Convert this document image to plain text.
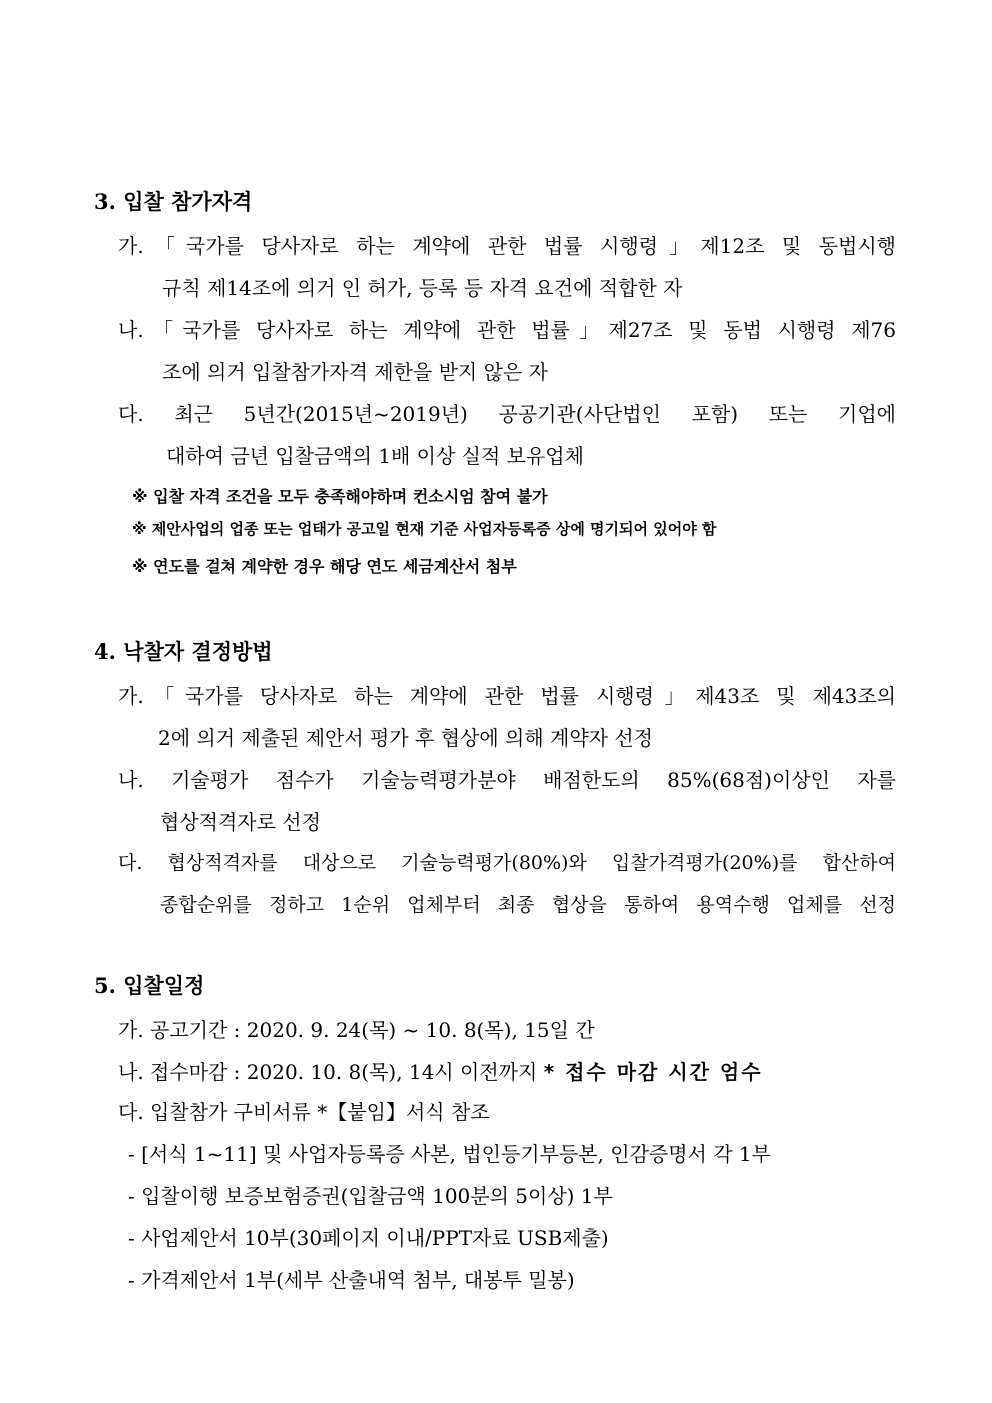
3. 입찰 참가자격
가.「국가를 당사자로 하는 계약에 관한 법률 시행령」제12조 및 동법시행
규칙 제14조에 의거 인 허가, 등록 등 자격 요건에 적합한 자
나.「국가를 당사자로 하는 계약에 관한 법률」제27조 및 동법 시행령 제76
조에 의거 입찰참가자격 제한을 받지 않은 자
다. 최근 5년간(2015년~2019년) 공공기관(사단법인 포함) 또는 기업에
대하여 금년 입찰금액의 1배 이상 실적 보유업체
※ 입찰 자격 조건을 모두 충족해야하며 컨소시엄 참여 불가
※ 제안사업의 업종 또는 업태가 공고일 현재 기준 사업자등록증 상에 명기되어 있어야 함
※ 연도를 걸쳐 계약한 경우 해당 연도 세금계산서 첨부
4. 낙찰자 결정방법
가.「국가를 당사자로 하는 계약에 관한 법률 시행령」제43조 및 제43조의
2에 의거 제출된 제안서 평가 후 협상에 의해 계약자 선정
나. 기술평가 점수가 기술능력평가분야 배점한도의 85%(68점)이상인 자를
협상적격자로 선정
다. 협상적격자를 대상으로 기술능력평가(80%)와 입찰가격평가(20%)를 합산하여
종합순위를 정하고 1순위 업체부터 최종 협상을 통하여 용역수행 업체를 선정
5. 입찰일정
가. 공고기간 : 2020. 9. 24(목) ~ 10. 8(목), 15일 간
나. 접수마감 : 2020. 10. 8(목), 14시 이전까지 * 접수 마감 시간 엄수
다. 입찰참가 구비서류 *【붙임】서식 참조
- [서식 1~11] 및 사업자등록증 사본, 법인등기부등본, 인감증명서 각 1부
- 입찰이행 보증보험증권(입찰금액 100분의 5이상) 1부
- 사업제안서 10부(30페이지 이내/PPT자료 USB제출)
- 가격제안서 1부(세부 산출내역 첨부, 대봉투 밀봉)
